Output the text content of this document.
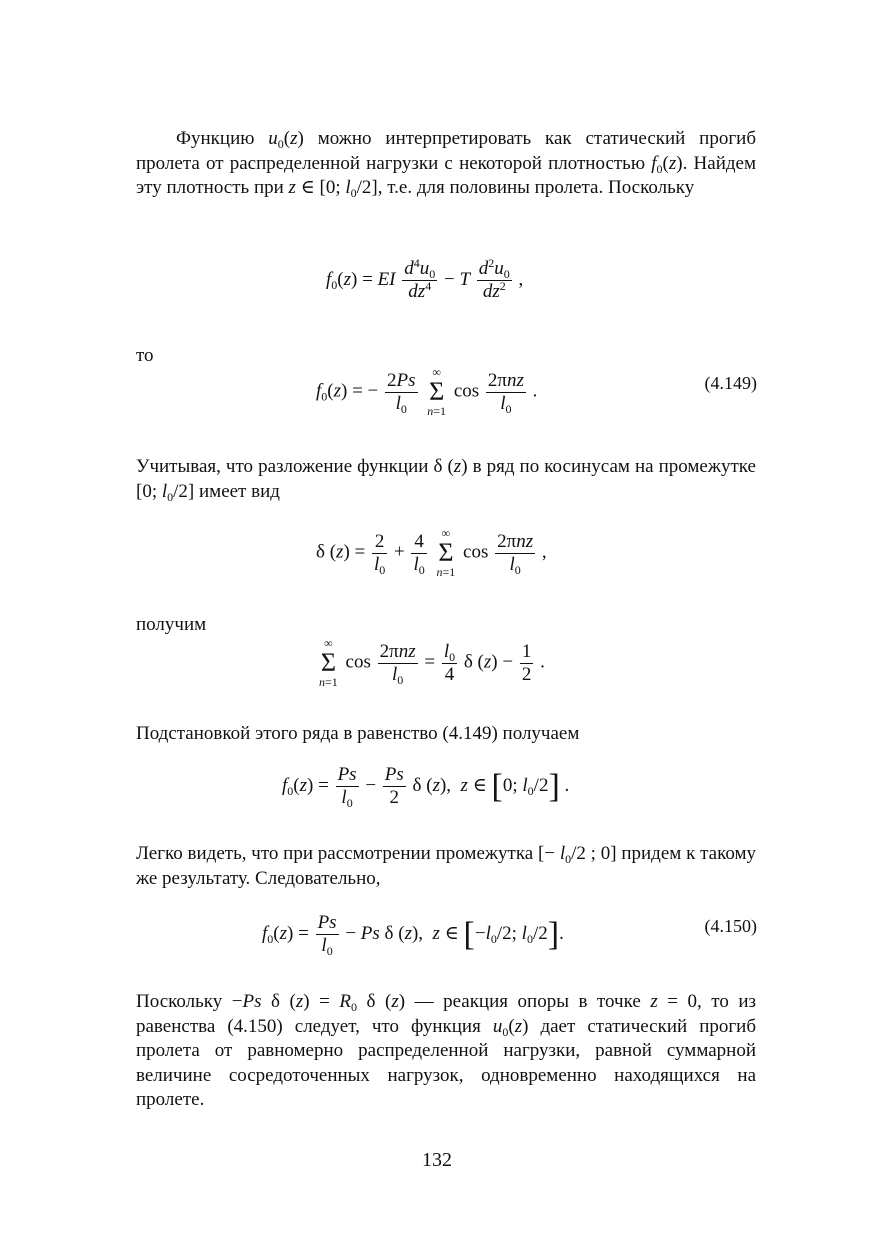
Функцию $u_0(z)$ можно интерпретировать как статический прогиб пролета от распределенной нагрузки с некоторой плотностью $f_0(z)$. Найдем эту плотность при z ∈ [0; $l_0/2$], т.е. для половины пролета. Поскольку
$f_0(z)$ = EI $\frac{d^4u_0}{dz^4} - T \frac{d^2u_0}{dz^2}$ ,
то
$f_0(z)$ = − $\frac{2Ps}{l_0}$
	∞
Σ
n=1
$\cos \frac{\text{2πnz}}{l_0}$ .	(4.149)
Учитывая, что разложение функции δ (z) в ряд по косинусам на промежутке [0; $l_0/2$] имеет вид
δ $(z) = \frac{2}{l_0} + \frac{4}{l_0}$
	∞
Σ
n=1
$\cos \frac{\text{2πnz}}{l_0}$ ,
получим
∞
Σ
n=1
$\cos \frac{\text{2πnz}}{l_0} = \frac{l_0}{4}$ δ $(z) - \frac{1}{2}$ .
Подстановкой этого ряда в равенство (4.149) получаем
$f_0(z) = \frac{Ps}{l_0} - \frac{Ps}{2}$ δ (z),  z ∈ [0; $l_0/2$] .
Легко видеть, что при рассмотрении промежутка [− $l_0/2$ ; 0] придем к такому же результату. Следовательно,
$f_0(z) = \frac{Ps}{l_0} - Ps$ δ (z),  z ∈ [$-l_0/2$; $l_0/2$].	(4.150)
Поскольку −Ps δ $(z) = R_0$ δ (z) — реакция опоры в точке z = 0, то из равенства (4.150) следует, что функция $u_0(z)$ дает статический прогиб пролета от равномерно распределенной нагрузки, равной суммарной величине сосредоточенных нагрузок, одновременно находящихся на пролете.
132
